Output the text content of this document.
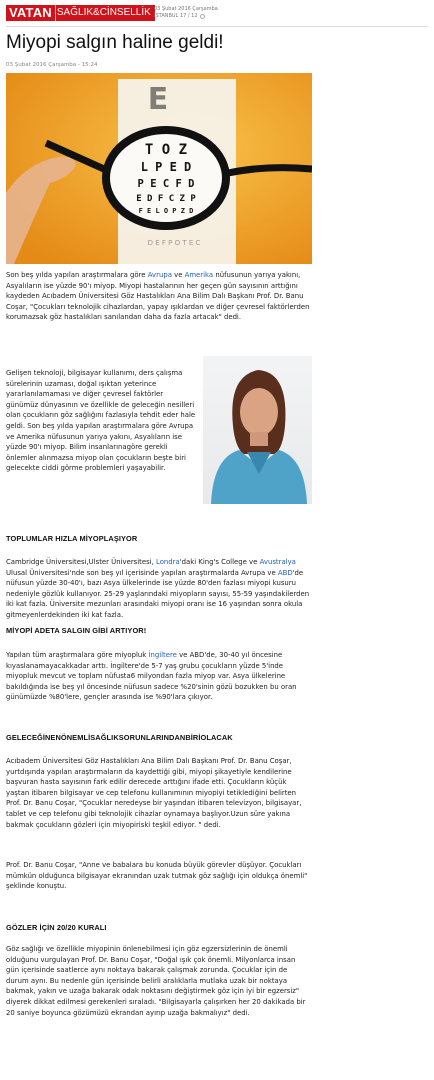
VATAN SAĞLIK&CİNSELLİK 03 Şubat 2016 Çarşamba
İSTANBUL 17 / 12
Miyopi salgın haline geldi!
03 Şubat 2016 Çarşamba - 15:24
E
T O Z
L P E D
P E C F D
E D F C Z P
F E L O P Z D
D E F P O T E C

Son beş yılda yapılan araştırmalara göre Avrupa ve Amerika nüfusunun yarıya yakını, Asyalıların ise yüzde 90'ı miyop. Miyopi hastalarının her geçen gün sayısının arttığını kaydeden Acıbadem Üniversitesi Göz Hastalıkları Ana Bilim Dalı Başkanı Prof. Dr. Banu Coşar, "Çocukları teknolojik cihazlardan, yapay ışıklardan ve diğer çevresel faktörlerden korumazsak göz hastalıkları sanılandan daha da fazla artacak" dedi.

Gelişen teknoloji, bilgisayar kullanımı, ders çalışma sürelerinin uzaması, doğal ışıktan yeterince yararlanılamaması ve diğer çevresel faktörler günümüz dünyasının ve özellikle de geleceğin nesilleri olan çocukların göz sağlığını fazlasıyla tehdit eder hale geldi. Son beş yılda yapılan araştırmalara göre Avrupa ve Amerika nüfusunun yarıya yakını, Asyalıların ise yüzde 90'ı miyop. Bilim insanlarınagöre gerekli önlemler alınmazsa miyop olan çocukların beşte biri gelecekte ciddi görme problemleri yaşayabilir.
TOPLUMLAR HIZLA MİYOPLAŞIYOR

Cambridge Üniversitesi,Ulster Üniversitesi, Londra'daki King's College ve Avustralya Ulusal Üniversitesi'nde son beş yıl içerisinde yapılan araştırmalarda Avrupa ve ABD'de nüfusun yüzde 30-40'ı, bazı Asya ülkelerinde ise yüzde 80'den fazlası miyopi kusuru nedeniyle gözlük kullanıyor. 25-29 yaşlarındaki miyopların sayısı, 55-59 yaşındakilerden iki kat fazla. Üniversite mezunları arasındaki miyopi oranı ise 16 yaşından sonra okula gitmeyenlerdekinden iki kat fazla.

MİYOPİ ADETA SALGIN GİBİ ARTIYOR!

Yapılan tüm araştırmalara göre miyopluk İngiltere ve ABD'de, 30-40 yıl öncesine kıyaslanamayacakkadar arttı. İngiltere'de 5-7 yaş grubu çocukların yüzde 5'inde miyopluk mevcut ve toplam nüfusta6 milyondan fazla miyop var. Asya ülkelerine bakıldığında ise beş yıl öncesinde nüfusun sadece %20'sinin gözü bozukken bu oran günümüzde %80'lere, gençler arasında ise %90'lara çıkıyor.

GELECEĞİNENÖNEMLİSAĞLIKSORUNLARINDANBİRİOLACAK
Acıbadem Üniversitesi Göz Hastalıkları Ana Bilim Dalı Başkanı Prof. Dr. Banu Coşar, yurtdışında yapılan araştırmaların da kaydettiği gibi, miyopi şikayetiyle kendilerine başvuran hasta sayısının fark edilir derecede arttığını ifade etti. Çocukların küçük yaştan itibaren bilgisayar ve cep telefonu kullanımının miyopiyi tetiklediğini belirten Prof. Dr. Banu Coşar, "Çocuklar neredeyse bir yaşından itibaren televizyon, bilgisayar, tablet ve cep telefonu gibi teknolojik cihazlar oynamaya başlıyor.Uzun süre yakına bakmak çocukların gözleri için miyopiriski teşkil ediyor. " dedi.
Prof. Dr. Banu Coşar, "Anne ve babalara bu konuda büyük görevler düşüyor. Çocukları mümkün olduğunca bilgisayar ekranından uzak tutmak göz sağlığı için oldukça önemli" şeklinde konuştu.
GÖZLER İÇİN 20/20 KURALI
Göz sağlığı ve özellikle miyopinin önlenebilmesi için göz egzersizlerinin de önemli olduğunu vurgulayan Prof. Dr. Banu Coşar, "Doğal ışık çok önemli. Milyonlarca insan gün içerisinde saatlerce aynı noktaya bakarak çalışmak zorunda. Çocuklar için de durum aynı. Bu nedenle gün içerisinde belirli aralıklarla mutlaka uzak bir noktaya bakmak, yakın ve uzağa bakarak odak noktasını değiştirmek göz için iyi bir egzersiz" diyerek dikkat edilmesi gerekenleri sıraladı. "Bilgisayarla çalışırken her 20 dakikada bir 20 saniye boyunca gözümüzü ekrandan ayırıp uzağa bakmalıyız" dedi.
